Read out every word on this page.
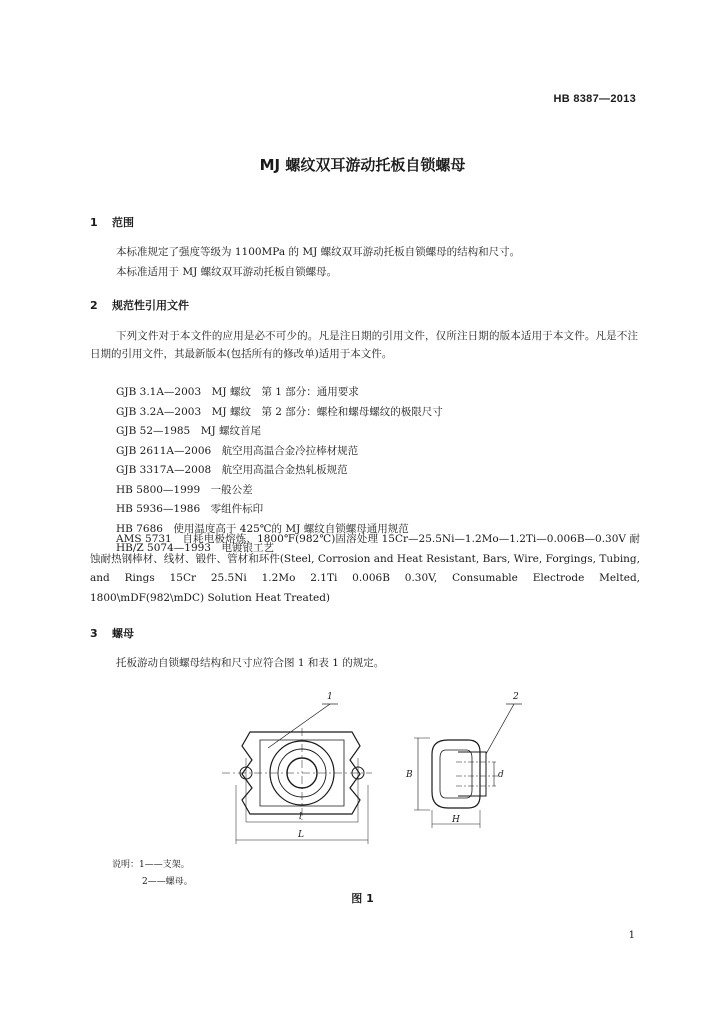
HB 8387—2013
MJ 螺纹双耳游动托板自锁螺母
1 范围
本标准规定了强度等级为 1100MPa 的 MJ 螺纹双耳游动托板自锁螺母的结构和尺寸。
本标准适用于 MJ 螺纹双耳游动托板自锁螺母。
2 规范性引用文件
下列文件对于本文件的应用是必不可少的。凡是注日期的引用文件，仅所注日期的版本适用于本文件。凡是不注日期的引用文件，其最新版本(包括所有的修改单)适用于本文件。
GJB 3.1A—2003　MJ 螺纹　第 1 部分：通用要求
GJB 3.2A—2003　MJ 螺纹　第 2 部分：螺栓和螺母螺纹的极限尺寸
GJB 52—1985　MJ 螺纹首尾
GJB 2611A—2006　航空用高温合金冷拉棒材规范
GJB 3317A—2008　航空用高温合金热轧板规范
HB 5800—1999　一般公差
HB 5936—1986　零组件标印
HB 7686　使用温度高于 425℃的 MJ 螺纹自锁螺母通用规范
HB/Z 5074—1993　电镀银工艺
AMS 5731　自耗电极熔炼、1800℉(982℃)固溶处理 15Cr—25.5Ni—1.2Mo—1.2Ti—0.006B—0.30V 耐蚀耐热钢棒材、线材、锻件、管材和环件(Steel, Corrosion and Heat Resistant, Bars, Wire, Forgings, Tubing, and Rings 15Cr 25.5Ni 1.2Mo 2.1Ti 0.006B 0.30V, Consumable Electrode Melted, 1800\mDF(982\mDC) Solution Heat Treated)
3 螺母
托板游动自锁螺母结构和尺寸应符合图 1 和表 1 的规定。
1	2
l
L
B	d
H
说明：1——支架。
2——螺母。
图 1
1
